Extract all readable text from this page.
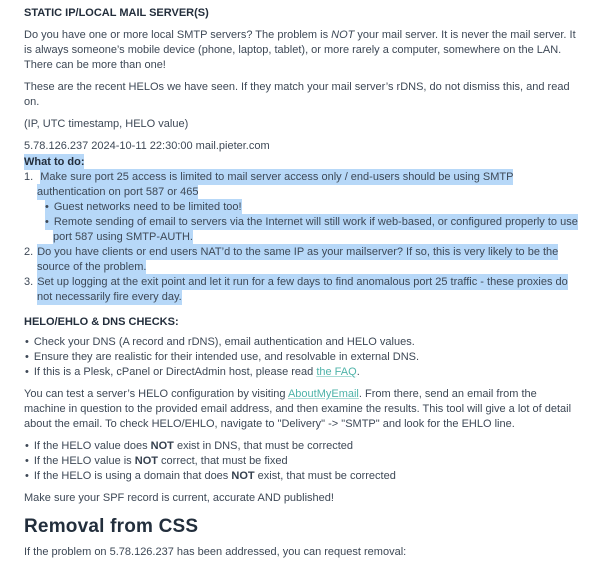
STATIC IP/LOCAL MAIL SERVER(S)

Do you have one or more local SMTP servers? The problem is NOT your mail server. It is never the mail server. It is always someone’s mobile device (phone, laptop, tablet), or more rarely a computer, somewhere on the LAN. There can be more than one!

These are the recent HELOs we have seen. If they match your mail server’s rDNS, do not dismiss this, and read on.

(IP, UTC timestamp, HELO value)

5.78.126.237 2024-10-11 22:30:00 mail.pieter.com

What to do:
Make sure port 25 access is limited to mail server access only / end-users should be using SMTP authentication on port 587 or 465
• Guest networks need to be limited too!
• Remote sending of email to servers via the Internet will still work if web-based, or configured properly to use port 587 using SMTP-AUTH.
Do you have clients or end users NAT’d to the same IP as your mailserver? If so, this is very likely to be the source of the problem.
Set up logging at the exit point and let it run for a few days to find anomalous port 25 traffic - these proxies do not necessarily fire every day.
HELO/EHLO & DNS CHECKS:
• Check your DNS (A record and rDNS), email authentication and HELO values.
• Ensure they are realistic for their intended use, and resolvable in external DNS.
• If this is a Plesk, cPanel or DirectAdmin host, please read the FAQ.

You can test a server’s HELO configuration by visiting AboutMyEmail. From there, send an email from the machine in question to the provided email address, and then examine the results. This tool will give a lot of detail about the email. To check HELO/EHLO, navigate to "Delivery" -> "SMTP" and look for the EHLO line.

• If the HELO value does NOT exist in DNS, that must be corrected
• If the HELO value is NOT correct, that must be fixed
• If the HELO is using a domain that does NOT exist, that must be corrected

Make sure your SPF record is current, accurate AND published!

Removal from CSS

If the problem on 5.78.126.237 has been addressed, you can request removal:
